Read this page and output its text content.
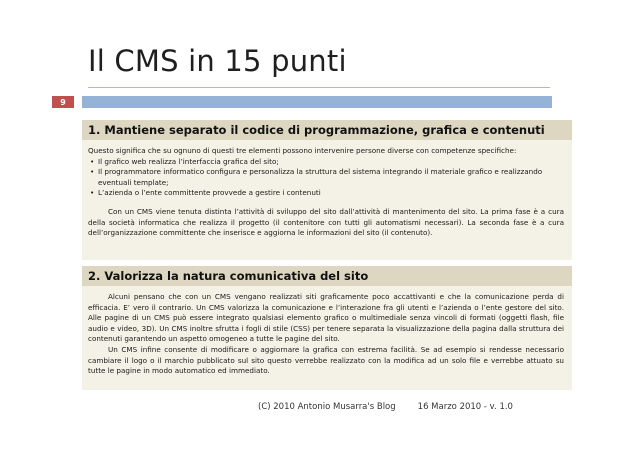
Il CMS in 15 punti
9
1. Mantiene separato il codice di programmazione, grafica e contenuti

Questo significa che su ognuno di questi tre elementi possono intervenire persone diverse con competenze specifiche:

• Il grafico web realizza l’interfaccia grafica del sito;
• Il programmatore informatico configura e personalizza la struttura del sistema integrando il materiale grafico e realizzando eventuali template;
• L’azienda o l’ente committente provvede a gestire i contenuti

Con un CMS viene tenuta distinta l’attività di sviluppo del sito dall’attività di mantenimento del sito. La prima fase è a cura della società informatica che realizza il progetto (il contenitore con tutti gli automatismi necessari). La seconda fase è a cura dell’organizzazione committente che inserisce e aggiorna le informazioni del sito (il contenuto).

2. Valorizza la natura comunicativa del sito

Alcuni pensano che con un CMS vengano realizzati siti graficamente poco accattivanti e che la comunicazione perda di efficacia. E’ vero il contrario. Un CMS valorizza la comunicazione e l’interazione fra gli utenti e l’azienda o l’ente gestore del sito. Alle pagine di un CMS può essere integrato qualsiasi elemento grafico o multimediale senza vincoli di formati (oggetti flash, file audio e video, 3D). Un CMS inoltre sfrutta i fogli di stile (CSS) per tenere separata la visualizzazione della pagina dalla struttura dei contenuti garantendo un aspetto omogeneo a tutte le pagine del sito.

Un CMS infine consente di modificare o aggiornare la grafica con estrema facilità. Se ad esempio si rendesse necessario cambiare il logo o il marchio pubblicato sul sito questo verrebbe realizzato con la modifica ad un solo file e verrebbe attuato su tutte le pagine in modo automatico ed immediato.

(C) 2010 Antonio Musarra's Blog	16 Marzo 2010 - v. 1.0
